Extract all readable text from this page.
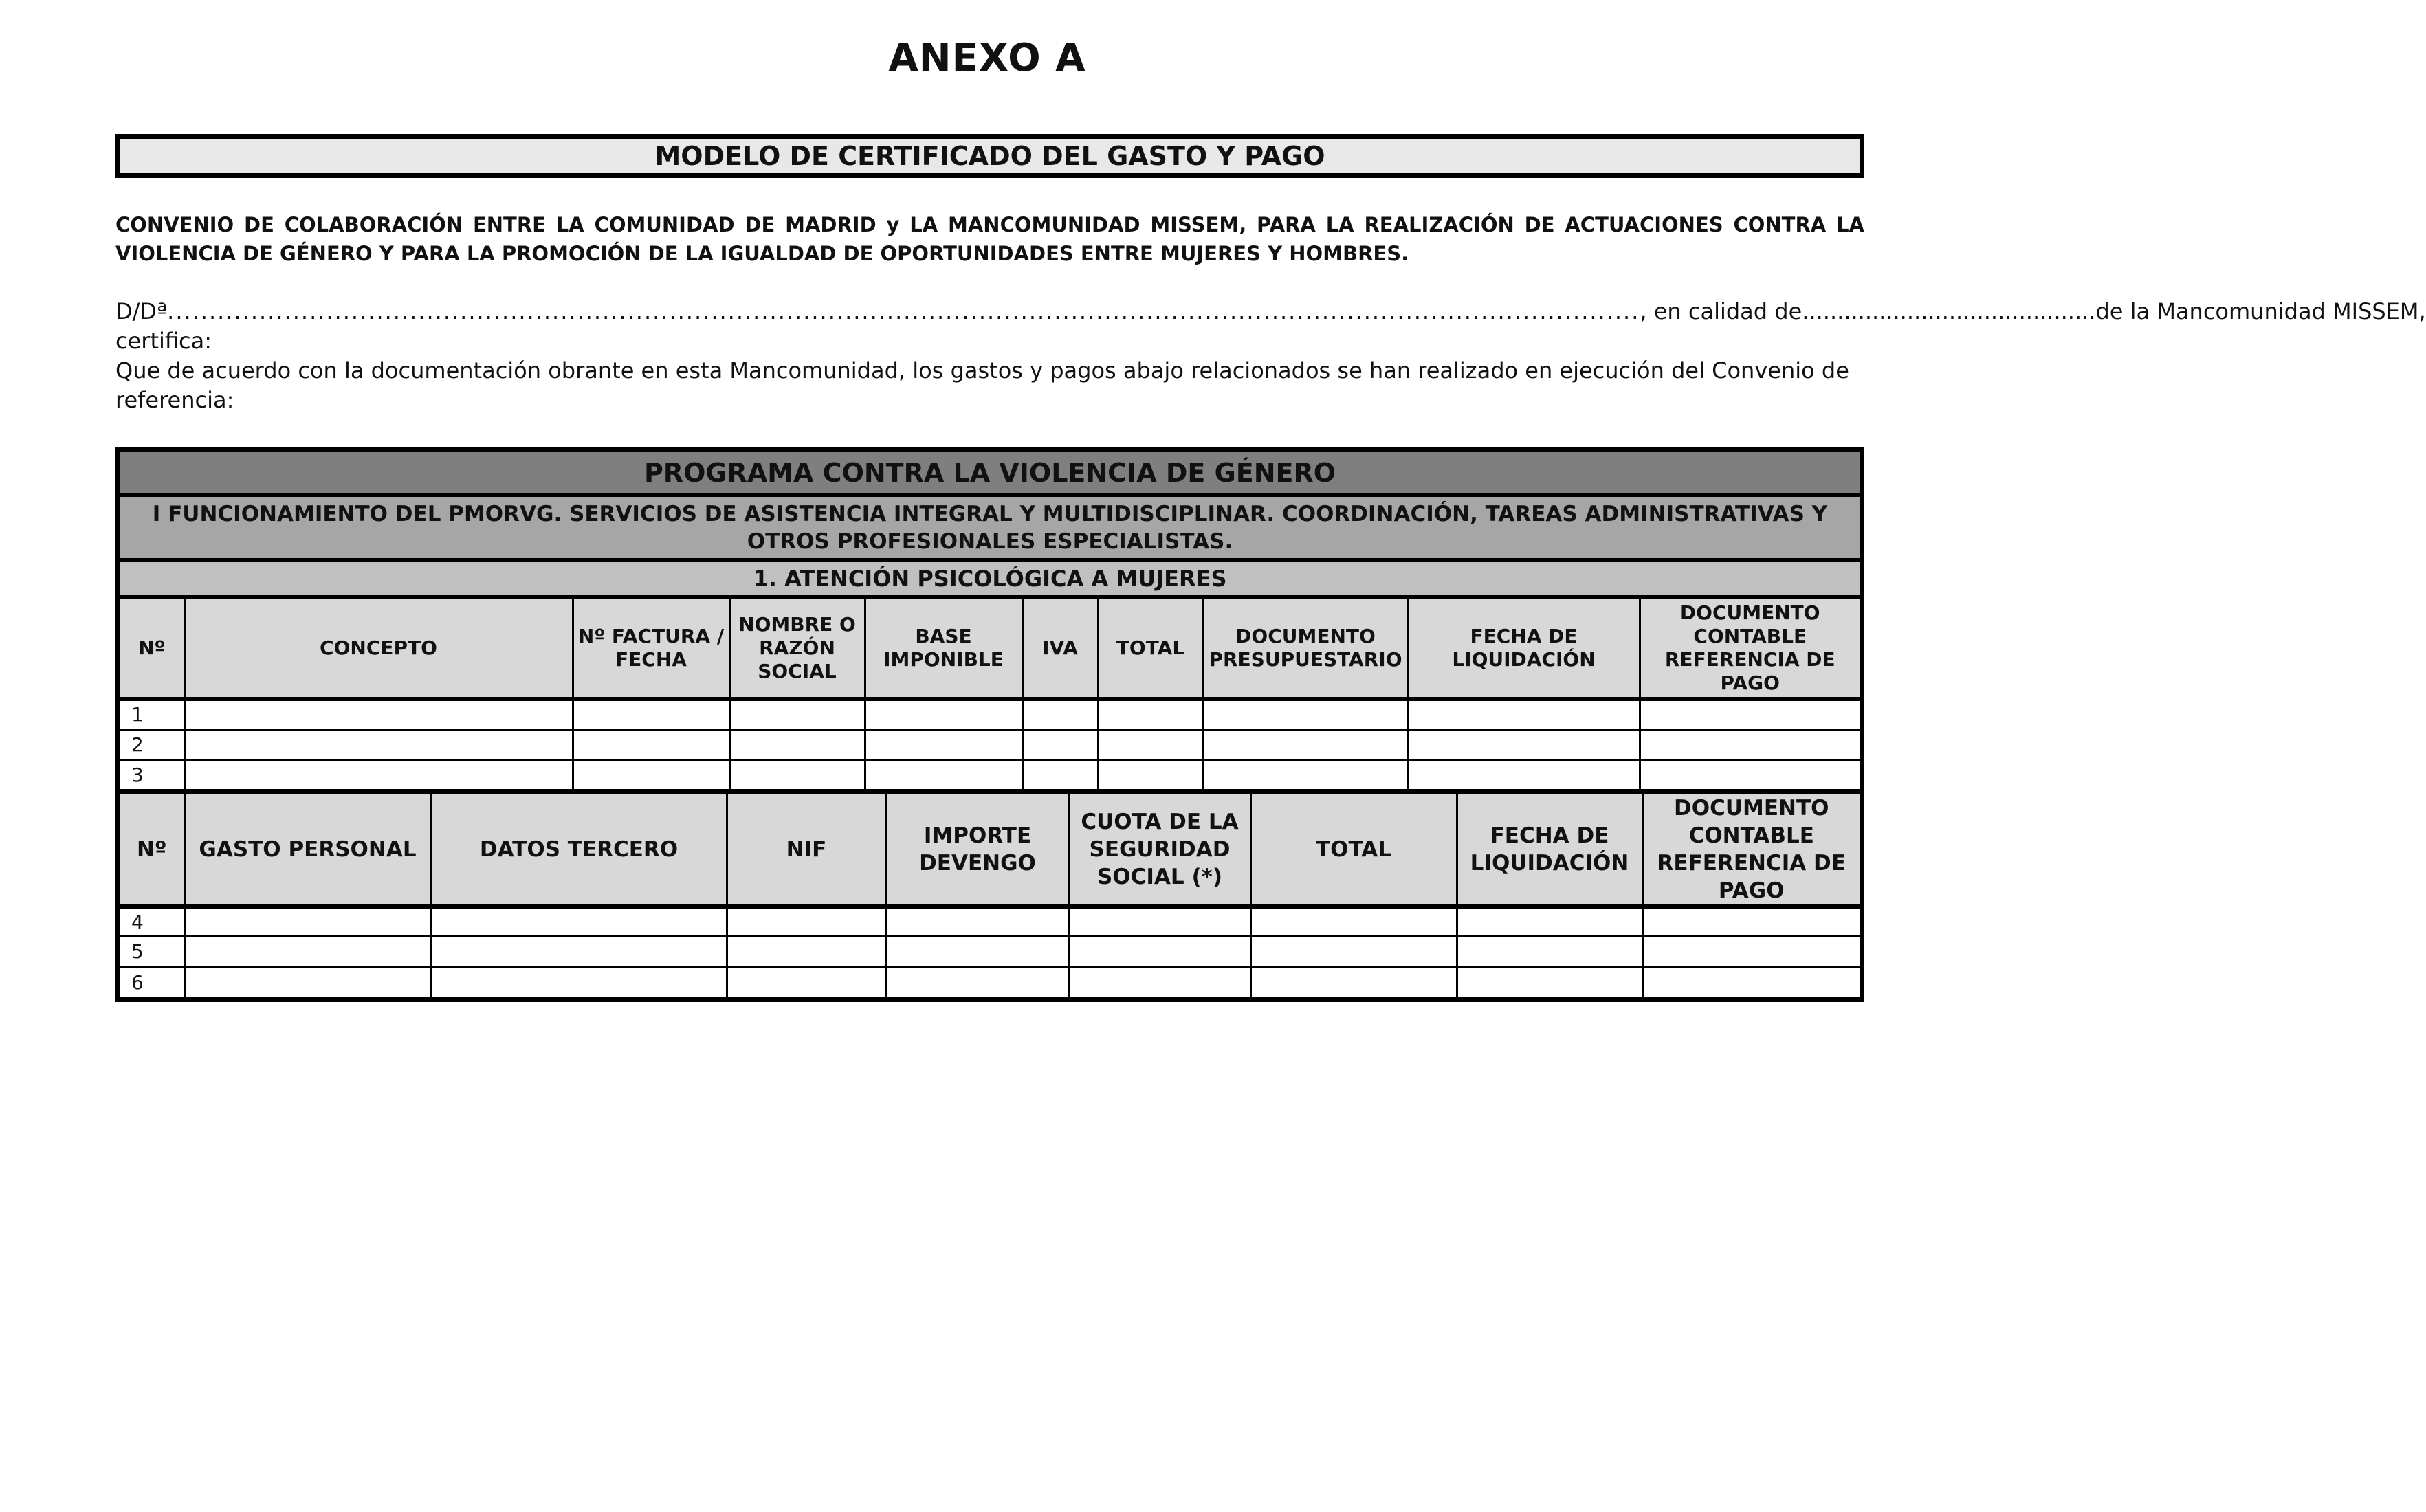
ANEXO A
MODELO DE CERTIFICADO DEL GASTO Y PAGO
CONVENIO DE COLABORACIÓN ENTRE LA COMUNIDAD DE MADRID y LA MANCOMUNIDAD MISSEM, PARA LA REALIZACIÓN DE ACTUACIONES CONTRA LA VIOLENCIA DE GÉNERO Y PARA LA PROMOCIÓN DE LA IGUALDAD DE OPORTUNIDADES ENTRE MUJERES Y HOMBRES.
D/Dª ................................................................................................................................................................................ , en calidad de .......................................... de la Mancomunidad MISSEM,

certifica:

Que de acuerdo con la documentación obrante en esta Mancomunidad, los gastos y pagos abajo relacionados se han realizado en ejecución del Convenio de referencia:

PROGRAMA CONTRA LA VIOLENCIA DE GÉNERO
I FUNCIONAMIENTO DEL PMORVG. SERVICIOS DE ASISTENCIA INTEGRAL Y MULTIDISCIPLINAR. COORDINACIÓN, TAREAS ADMINISTRATIVAS Y OTROS PROFESIONALES ESPECIALISTAS.
1. ATENCIÓN PSICOLÓGICA A MUJERES
Nº	CONCEPTO	Nº FACTURA / FECHA	NOMBRE O RAZÓN SOCIAL	BASE IMPONIBLE	IVA	TOTAL	DOCUMENTO PRESUPUESTARIO	FECHA DE LIQUIDACIÓN	DOCUMENTO CONTABLE REFERENCIA DE PAGO
1									
2									
3									
Nº	GASTO PERSONAL	DATOS TERCERO	NIF	IMPORTE DEVENGO	CUOTA DE LA SEGURIDAD SOCIAL (*)	TOTAL	FECHA DE LIQUIDACIÓN	DOCUMENTO CONTABLE REFERENCIA DE PAGO
4								
5								
6								
